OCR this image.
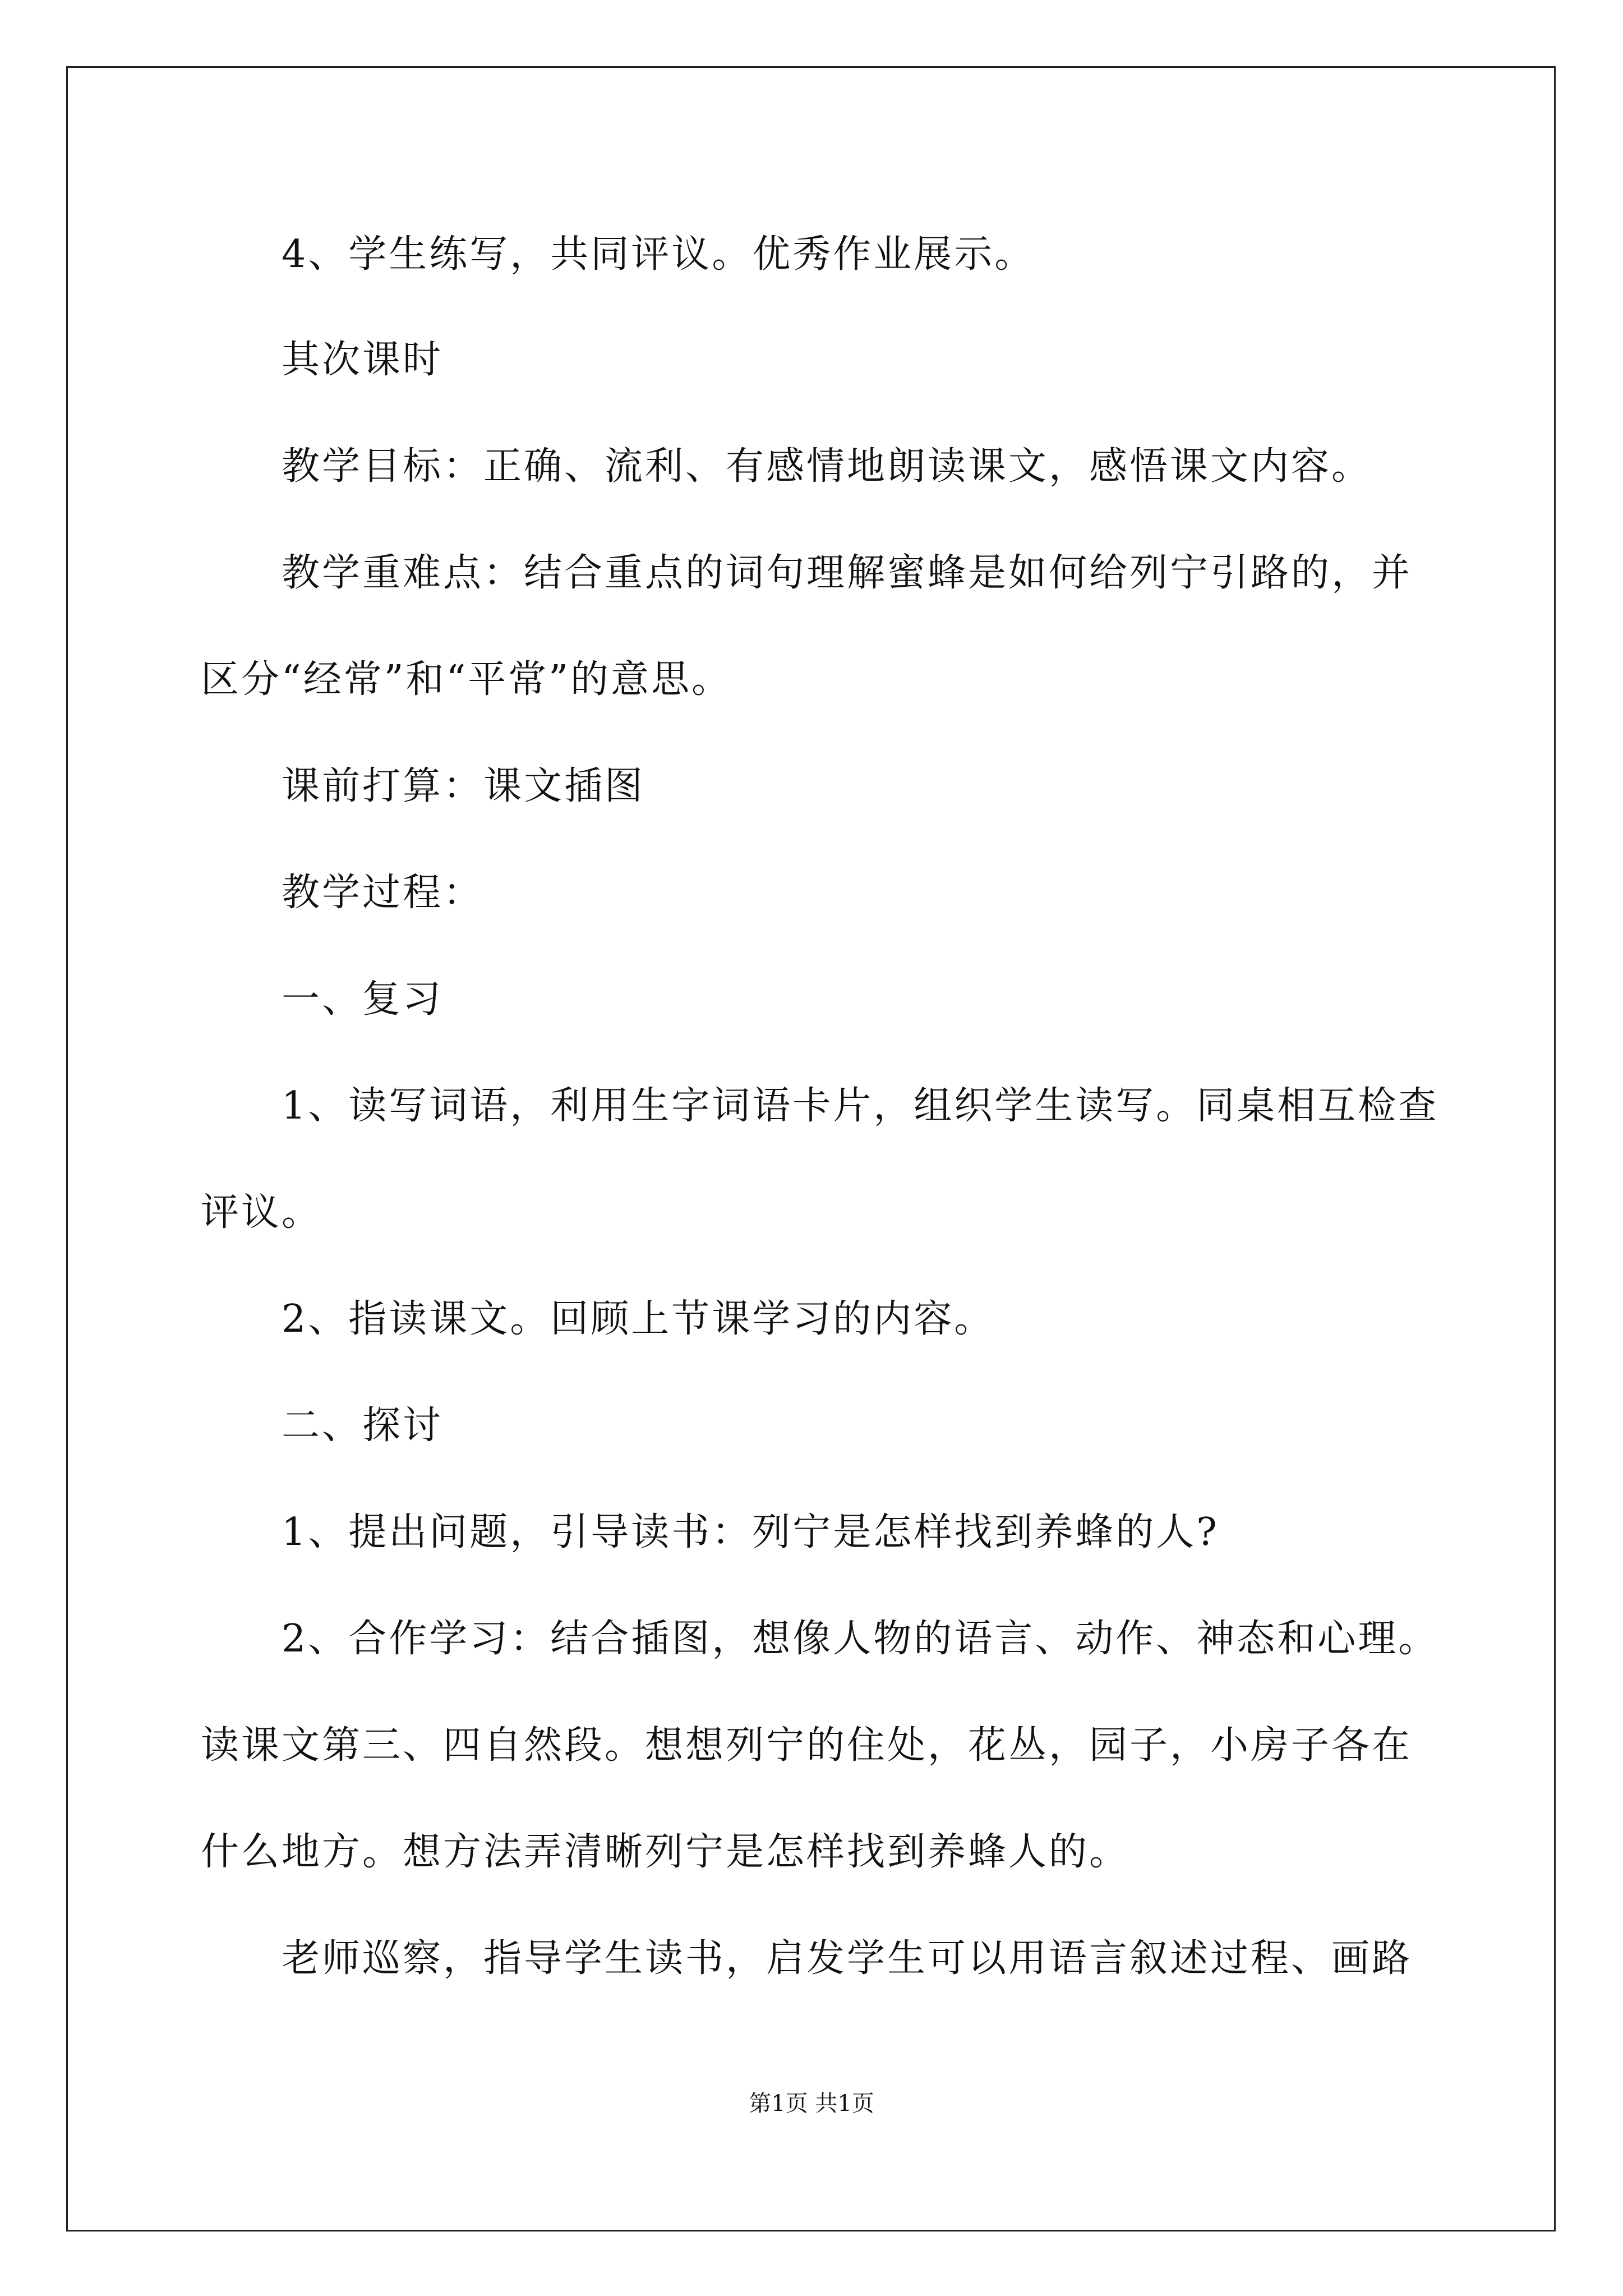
4、学生练写，共同评议。优秀作业展示。

其次课时

教学目标：正确、流利、有感情地朗读课文，感悟课文内容。

教学重难点：结合重点的词句理解蜜蜂是如何给列宁引路的，并

区分“经常”和“平常”的意思。

课前打算：课文插图

教学过程：

一、复习

1、读写词语，利用生字词语卡片，组织学生读写。同桌相互检查

评议。

2、指读课文。回顾上节课学习的内容。

二、探讨

1、提出问题，引导读书：列宁是怎样找到养蜂的人?

2、合作学习：结合插图，想像人物的语言、动作、神态和心理。

读课文第三、四自然段。想想列宁的住处，花丛，园子，小房子各在

什么地方。想方法弄清晰列宁是怎样找到养蜂人的。

老师巡察，指导学生读书，启发学生可以用语言叙述过程、画路

第1页 共1页
